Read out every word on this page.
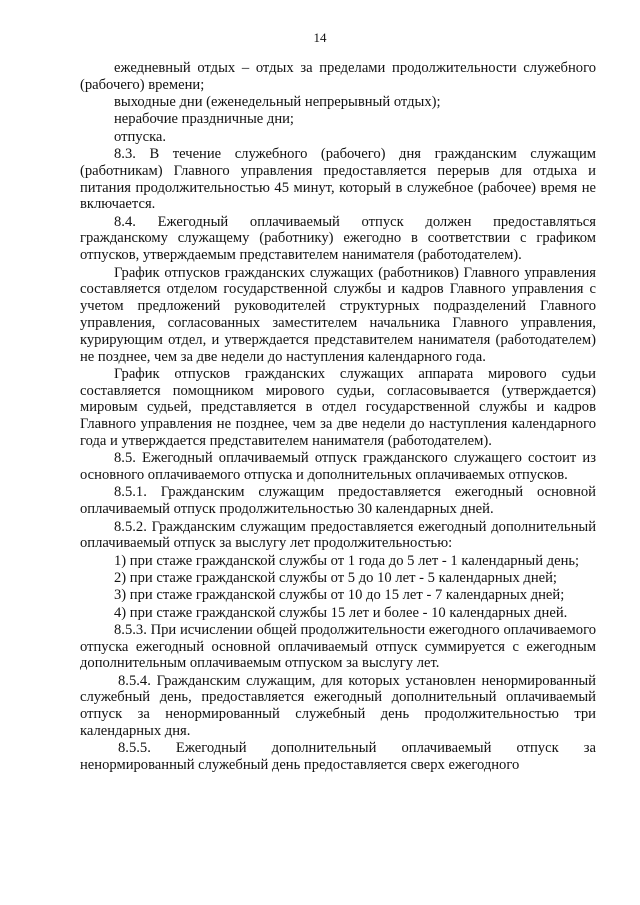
14

ежедневный отдых – отдых за пределами продолжительности служебного (рабочего) времени;

выходные дни (еженедельный непрерывный отдых);

нерабочие праздничные дни;

отпуска.

8.3. В течение служебного (рабочего) дня гражданским служащим (работникам) Главного управления предоставляется перерыв для отдыха и питания продолжительностью 45 минут, который в служебное (рабочее) время не включается.

8.4. Ежегодный оплачиваемый отпуск должен предоставляться гражданскому служащему (работнику) ежегодно в соответствии с графиком отпусков, утверждаемым представителем нанимателя (работодателем).

График отпусков гражданских служащих (работников) Главного управления составляется отделом государственной службы и кадров Главного управления с учетом предложений руководителей структурных подразделений Главного управления, согласованных заместителем начальника Главного управления, курирующим отдел, и утверждается представителем нанимателя (работодателем) не позднее, чем за две недели до наступления календарного года.

График отпусков гражданских служащих аппарата мирового судьи составляется помощником мирового судьи, согласовывается (утверждается) мировым судьей, представляется в отдел государственной службы и кадров Главного управления не позднее, чем за две недели до наступления календарного года и утверждается представителем нанимателя (работодателем).

8.5. Ежегодный оплачиваемый отпуск гражданского служащего состоит из основного оплачиваемого отпуска и дополнительных оплачиваемых отпусков.

8.5.1. Гражданским служащим предоставляется ежегодный основной оплачиваемый отпуск продолжительностью 30 календарных дней.

8.5.2. Гражданским служащим предоставляется ежегодный дополнительный оплачиваемый отпуск за выслугу лет продолжительностью:

1) при стаже гражданской службы от 1 года до 5 лет - 1 календарный день;

2) при стаже гражданской службы от 5 до 10 лет - 5 календарных дней;

3) при стаже гражданской службы от 10 до 15 лет - 7 календарных дней;

4) при стаже гражданской службы 15 лет и более - 10 календарных дней.

8.5.3. При исчислении общей продолжительности ежегодного оплачиваемого отпуска ежегодный основной оплачиваемый отпуск суммируется с ежегодным дополнительным оплачиваемым отпуском за выслугу лет.

8.5.4. Гражданским служащим, для которых установлен ненормированный служебный день, предоставляется ежегодный дополнительный оплачиваемый отпуск за ненормированный служебный день продолжительностью три календарных дня.

8.5.5. Ежегодный дополнительный оплачиваемый отпуск за ненормированный служебный день предоставляется сверх ежегодного
